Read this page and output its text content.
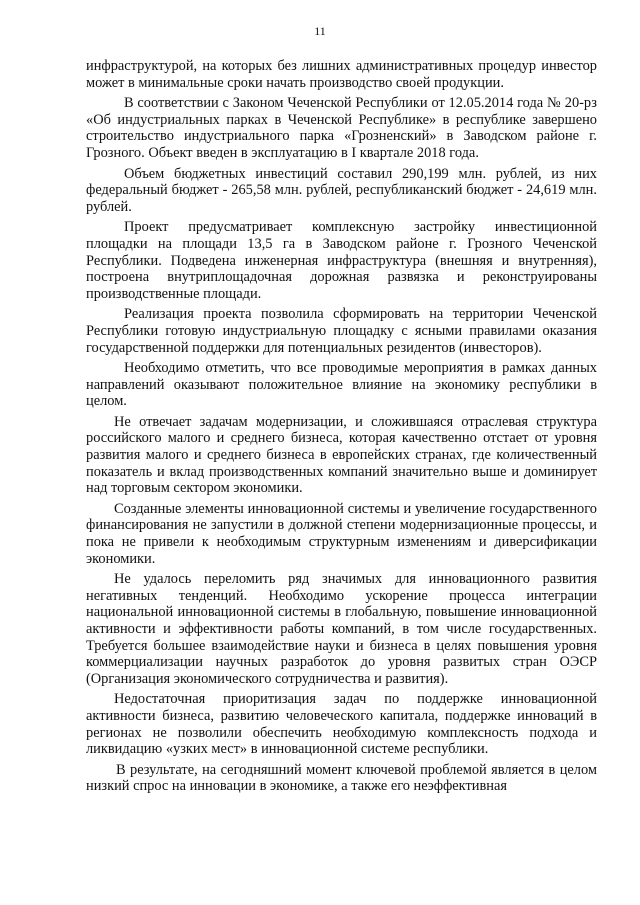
11

инфраструктурой, на которых без лишних административных процедур инвестор может в минимальные сроки начать производство своей продукции.

В соответствии с Законом Чеченской Республики от 12.05.2014 года № 20-рз «Об индустриальных парках в Чеченской Республике» в республике завершено строительство индустриального парка «Грозненский» в Заводском районе г. Грозного. Объект введен в эксплуатацию в I квартале 2018 года.

Объем бюджетных инвестиций составил 290,199 млн. рублей, из них федеральный бюджет - 265,58 млн. рублей, республиканский бюджет - 24,619 млн. рублей.

Проект предусматривает комплексную застройку инвестиционной площадки на площади 13,5 га в Заводском районе г. Грозного Чеченской Республики. Подведена инженерная инфраструктура (внешняя и внутренняя), построена внутриплощадочная дорожная развязка и реконструированы производственные площади.

Реализация проекта позволила сформировать на территории Чеченской Республики готовую индустриальную площадку с ясными правилами оказания государственной поддержки для потенциальных резидентов (инвесторов).

Необходимо отметить, что все проводимые мероприятия в рамках данных направлений оказывают положительное влияние на экономику республики в целом.

Не отвечает задачам модернизации, и сложившаяся отраслевая структура российского малого и среднего бизнеса, которая качественно отстает от уровня развития малого и среднего бизнеса в европейских странах, где количественный показатель и вклад производственных компаний значительно выше и доминирует над торговым сектором экономики.

Созданные элементы инновационной системы и увеличение государственного финансирования не запустили в должной степени модернизационные процессы, и пока не привели к необходимым структурным изменениям и диверсификации экономики.

Не удалось переломить ряд значимых для инновационного развития негативных тенденций. Необходимо ускорение процесса интеграции национальной инновационной системы в глобальную, повышение инновационной активности и эффективности работы компаний, в том числе государственных. Требуется большее взаимодействие науки и бизнеса в целях повышения уровня коммерциализации научных разработок до уровня развитых стран ОЭСР (Организация экономического сотрудничества и развития).

Недостаточная приоритизация задач по поддержке инновационной активности бизнеса, развитию человеческого капитала, поддержке инноваций в регионах не позволили обеспечить необходимую комплексность подхода и ликвидацию «узких мест» в инновационной системе республики.

В результате, на сегодняшний момент ключевой проблемой является в целом низкий спрос на инновации в экономике, а также его неэффективная
